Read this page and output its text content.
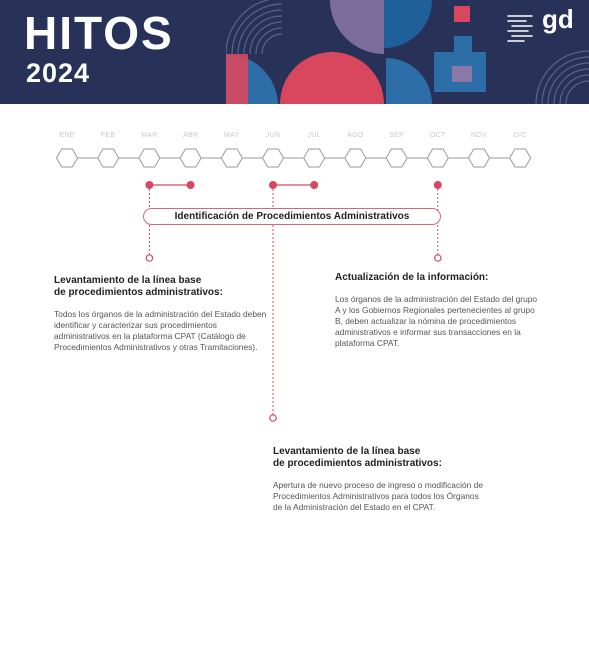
HITOS
2024
gd
ENE	FEB	MAR	ABR	MAY	JUN	JUL	AGO	SEP	OCT	NOV	DIC
Identificación de Procedimientos Administrativos
Levantamiento de la línea base
de procedimientos administrativos:

Todos los órganos de la administración del Estado deben identificar y caracterizar sus procedimientos administrativos en la plataforma CPAT (Catálogo de Procedimientos Administrativos y otras Tramitaciones).

Actualización de la información:

Los órganos de la administración del Estado del grupo A y los Gobiernos Regionales pertenecientes al grupo B, deben actualizar la nómina de procedimientos administrativos e informar sus transacciones en la plataforma CPAT.

Levantamiento de la línea base
de procedimientos administrativos:

Apertura de nuevo proceso de ingreso o modificación de Procedimientos Administrativos para todos los Órganos de la Administración del Estado en el CPAT.
